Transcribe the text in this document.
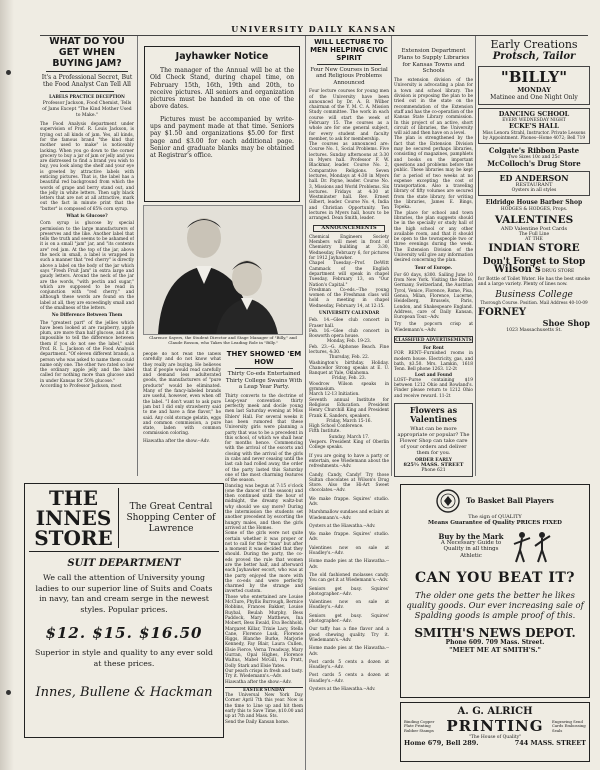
UNIVERSITY DAILY KANSAN
WHAT DO YOU GET WHEN BUYING JAM?
It's a Professional Secret, But the Food Analyst Can Tell All
LABELS PRACTICE DECEPTION
Professor Jackson, Food Chemist, Tells of Jams Except "The Kind Mother Used to Make."
The Food Analysis department under supervision of Prof. R. Louis Jackson, is trying out all kinds of jam. Yes, all kinds, for the famous brand "the kind that mother used to make" is noticeably lacking. When you go down to the corner grocery to buy a jar of jam or jelly and you are distressed to find a brand you wish to buy, you look along the shelf and your eye is greeted by attractive labels with enticing pictures. That is, the label has a beautiful red background from which the words of grape and berry stand out, and the jelly in white letters. Then ugly black letters that are not at all attractive, mark out the fact in minute print that the "butter" is composed of 65% corn syrup.
What is Glucose?
Corn syrup is glucose by special permission to the large manufacturers of preserves and the like. Another label that tells the truth and seems to be ashamed of it is on a small "jam" jar, and "its contents are" red jam. At the top of the jar, above the neck in small, a label is wrapped in such a manner that "red cherry" is directly above a label on the body of the jar which says "Fresh Fruit Jam" in extra large and gaudy letters. Around the neck of the jar are the words, "with pectin and sugar," which are supposed to be read in conjunction with "red cherry," and although these words are found on the label at all, they are exceedingly small and of the smallness of the letters.
No Difference Between Them
The "greatest part" of the jellies which have been looked at are raspberry, apple plum, are more than half glucose, and it is impossible to tell the difference between them if you do not see the label," said Prof. R. L. Jackson of the Food Analysis department. "Of eleven different brands, a person who was asked to name them could name only one. The other two rated so low the ordinary apple jelly and the label called for nothing more than glucose and in under Kansas for 50% glucose."
According to Professor Jackson, most
Jayhawker Notice

The manager of the Annual will be at the Old Check Stand, during chapel time, on February 15th, 16th, 19th and 20th, to receive pictures. All seniors and organization pictures must be handed in on one of the above dates.

Pictures must be accompanied by write-ups and payment made at that time. Seniors pay $1.50 and organizations $5.00 for first page and $3.00 for each additional page. Senior and graduate blanks may be obtained at Registrar's office.

Clarence Sayers, the Student Director and Stage Manager of "Billy," and Claude Rosson, who Takes the Leading Role in "Billy."
people do not read the labels carefully and do not know what they really are buying. He believes that if people would read carefully and demand less adulterated goods, the manufacturers of "pure products" would be eliminated. Many of the fancy-labeled brands are useful, however, even when off the label. "I don't want to ask pure jam but I did only strawberry said to me and have a fine flavor," he said. Any cold storage gelatin, eggs and common commission, a pure state, laden with common commission coloring.
Hiawatha after the show.--Adv.
THEY SHOWED 'EM HOW
Thirty Co-eds Entertained Thirty College Swains With a Leap Year Party.
Thirty converts to the doctrine of Leap-year convention thirty perfectly meek and docile young men last Saturday evening at Miss Ehlers' Hall. For several weeks it has been rumored that these University girls were planning a party that was to be a precedent in this school, of which we shall hear for months hence. Commencing with the arrival of the escorts and closing with the arrival of the girls in cabs and never ceasing until the last cab had rolled away, the order of the party lasted this Saturday one of the most charming features of the season.
Dancing was begun at 7:15 o'clock (one the dancer of the season) and then continued until the hour of midnight, the dreamy waltz-but why should we say more? During the intermission the students set another precedent by escorting the hungry males, and then the girls arrived at the Homes.
Some of the girls were not quite certain whether it was proper or not to call for their "man" but after a moment it was decided that they should. During the party, the co-eds proved the rule that women are the better half, and afterward each Jayhawker escort, who was at the party enjoyed the more with the co-eds and were perfectly charmed by the strange and inverted custom.
Those who entertained are Louise McClure, Phyllis Burrough, Bernice Robbins, Frances Bakker, Louise Ruybal, Beulah Murphy, Bess Paddock, Mary Matthews, Ina Mobert, Bess Ewald, Eva Bechhold, Margaret Killar, Trixie Lacy, Stella Cane, Florence Lusk, Florence Riggs, Blanche Burke, Marjorie Kennedy, Fay Blair, Laura Cullen, Elsie Fierce, Verna Treadway, Mary Gurran, Opal Highes, Florence Waltus, Mabel McGill, Iva Pratt, Dolly Stark and Elsie Yates.
Our peach crisps in fresh and tasty. Try it. Wiedemann's.--Adv.
Hiawatha after the show.--Adv.
EASTER SUNDAY
The Universal New York Day Corner April 7th this year. Now is the time to Line up and hit them early this to Save Time, $10.00 and up at 7th and Mass. Sts.
Send the Daily Kansan home.
THE INNES STORE
The Great Central Shopping Center of Lawrence
SUIT DEPARTMENT
We call the attention of University young ladies to our superior line of Suits and Coats in navy, tan and cream serge in the newest styles. Popular prices.
$12. $15. $16.50
Superior in style and quality to any ever sold at these prices.
Innes, Bullene & Hackman
WILL LECTURE TO MEN HELPING CIVIC SPIRIT
Four New Courses in Social and Religious Problems Announced
Four lecture courses for young men of the University have been announced by Dr. A. B. Wilber chairman of the Y. M. C. A. Mission Study committee. The work in each course will start the week of February 15. The courses as a whole are for one general subject, for every student and faculty member, to ask for membership.
The courses as announced are: Course No. 1, Social Problems. Five lectures. Sunday afternoons at 3:30 in Myers hall. Professor F. W. Blackmar, leader. Course No. 2, Comparative Religions. Seven lectures, Mondays at 4:30 in Myers hall. Dr. Payne, leader. Course No. 3, Missions and World Problems. Six lectures. Fridays at 4:30 at Westminster hall. Rev. Ernest Gilbert, leader. Course No. 4, India and Christian Opportunity. Ten lectures in Myers hall, hours to be arranged. Dean Smith, leader.
ANNOUNCEMENTS
Chemical Engineers Society Members will meet in front of Chemistry building at 3:30, Wednesday, February 6, for pictures for 1912 Jayhawker.
Chapel Tuesday.--Prof. DeWitt Cammack of the English department will speak in chapel Tuesday, February 13, on "Our Nation's Capital."
Freshman Co-eds.--The young women of the Freshman class will hold a meeting in chapel Wednesday, February 14, at 12:15.
UNIVERSITY CALENDAR
Feb. 14.--Glee club concert in Fraser hall.
Feb. 16.--Glee club concert in Bosworth opera house.
Monday, Feb. 19-23.
Feb. 23.--G. Alphonse Beach. Fine lectures, 4:30.
Thursday, Feb. 22.
Washington's birthday. Holiday. Chancellor Strong speaks at E. U. Banquet at Yale, Oklahoma.
Friday, Feb. 23.
Woodrow Wilson speaks in gymnasium.
March 12-13 Initiation.
Seventh annual Institute for Religious Education. President Henry Churchill King and President Frank K. Sanders, speakers.
Friday, March 15-16.
High School Conference.
Fifth Institute.
Sunday, March 17.
Vespers. President King of Oberlin College speaks.
If you are going to have a party or entertain, see Wiedemann about the refreshments.--Adv.
Candy, Candy, Candy! Try those Sultan chocolates at Wilson's Drug Store. Also the Hi-Art Sweet chocolates.--Adv.
We make frappe. Squires' studio. Adv.
Marshmallow sundaes and eclairs at Wiedemann's.--Adv.
Oysters at the Hiawatha.--Adv.
We make frappe. Squires' studio. Adv.
Valentines now on sale at Hoadley's.--Adv.
Home made pies at the Hiawatha.--Adv.
The old fashioned molasses candy. You can get it at Wiedemann's.--Adv.
Seniors get busy. Squires' photographer.--Adv.
Valentines now on sale at Hoadley's.--Adv.
Seniors get busy. Squires' photographer.--Adv.
Our taffy has a fine flavor and a good chewing quality. Try it. Wiedemann's.--Adv.
Home made pies at the Hiawatha.--Adv.
Post cards 5 cents a dozen at Hoadley's.--Adv.
Post cards 5 cents a dozen at Hoadley's.--Adv.
Oysters at the Hiawatha.--Adv.
Extension Department Plans to Supply Libraries for Kansas Towns and Schools
The extension division of the University is advocating a plan for a town and school library. The division is proposing the plan to be tried out in the state on the recommendation of the Extension staff and has the co-operation of the Kansas State Library commission. In this project of an active, short circuit of libraries, the University will aid and then have on a level.
The plan is strengthened by the fact that the Extension Division may be secured perhaps libraries, consisting of magazines, pamphlets and books on the important questions and problems before the public. These libraries may be kept for a period of two weeks at no expense excepting the cost of transportation. Also a traveling library of fifty volumes are secured from the state library, for writing the libraries, James E. Bings, Topeka.
The place for school and town libraries, the plan suggests should be in the specially or study hall of the high school or any other available room, and that it should be open to the townspeople two or three evenings during the week. The Extension Division of the University will give any information desired concerning the plan.
Tour of Europe.
For 60 days, $300. Sailing June 10 from New York. Visiting the Rhine, Germany, Switzerland, the Austrian Tyrol, Venice, Florence, Rome, Pisa, Genoa, Milan, Florence, Lucerne, Heidelberg, Brussels, Paris, London, and Shakespeare England. Address, care of Daily Kansan, European Tour.--Adv.
Try the popcorn crisp at Wiedemann's.--Adv.
CLASSIFIED ADVERTISEMENTS
For Rent
FOR RENT--Furnished rooms in modern house. Electricity, gas, and bath, $3.50. Mrs. Lamkin, 1618 Tenn. Bell phone 1263. 12-2t
Lost and Found
LOST--Purse containing $19 between 1212 Ohio and Rowland's. Finder please return to 1212 Ohio and receive reward. 11-2t
Flowers as Valentines
What can be more appropriate or popular? The Flower Shop can take care of your orders and deliver them for you.
ORDER EARLY
825½ MASS. STREET
Phone 621
Early Creations
Protsch, Tailor
"BILLY"
MONDAY
Matinee and One Night Only
DANCING SCHOOL
EVERY WEDNESDAY NIGHT
ECKE'S HALL
Miss Lenora Strahl, Instructor. Private Lessons by Appointment. Phones--Home 4072; Bell 719
Colgate's Ribbon Paste
Two Sizes 10c and 25c
McColloch's Drug Store
ED ANDERSON
RESTAURANT
Oysters in all styles
Eldridge House Barber Shop
HODGES & HODGES, Props.
VALENTINES
AND Valentine Post Cards
The Full Line
AT THE
INDIAN STORE
Don't Forget to Stop
Wilson's DRUG STORE
for Bottle of Toilet Water. He has the best smoke and a large variety. Plenty of lines now.
Business College
Thorough Course. Position. Mail Address 40-10-09
FORNEY
Shoe Shop
1023 Massachusetts St.
To Basket Ball Players
The sign of QUALITY
Means Guarantee of Quality PRICES FIXED
Buy by the Mark
A Necessary Guide to Quality in all things Athletic
CAN YOU BEAT IT?
The older one gets the better he likes quality goods. Our ever increasing sale of Spalding goods is ample proof of this.
SMITH'S NEWS DEPOT.
Phone 609. 709 Mass. Street.
"MEET ME AT SMITH'S."
A. G. ALRICH
Binding Copper Plate Printing Rubber Stamps PRINTING Engraving Send Cards Embossing Seals
"The House of Quality"
Home 679, Bell 289.	744 MASS. STREET
